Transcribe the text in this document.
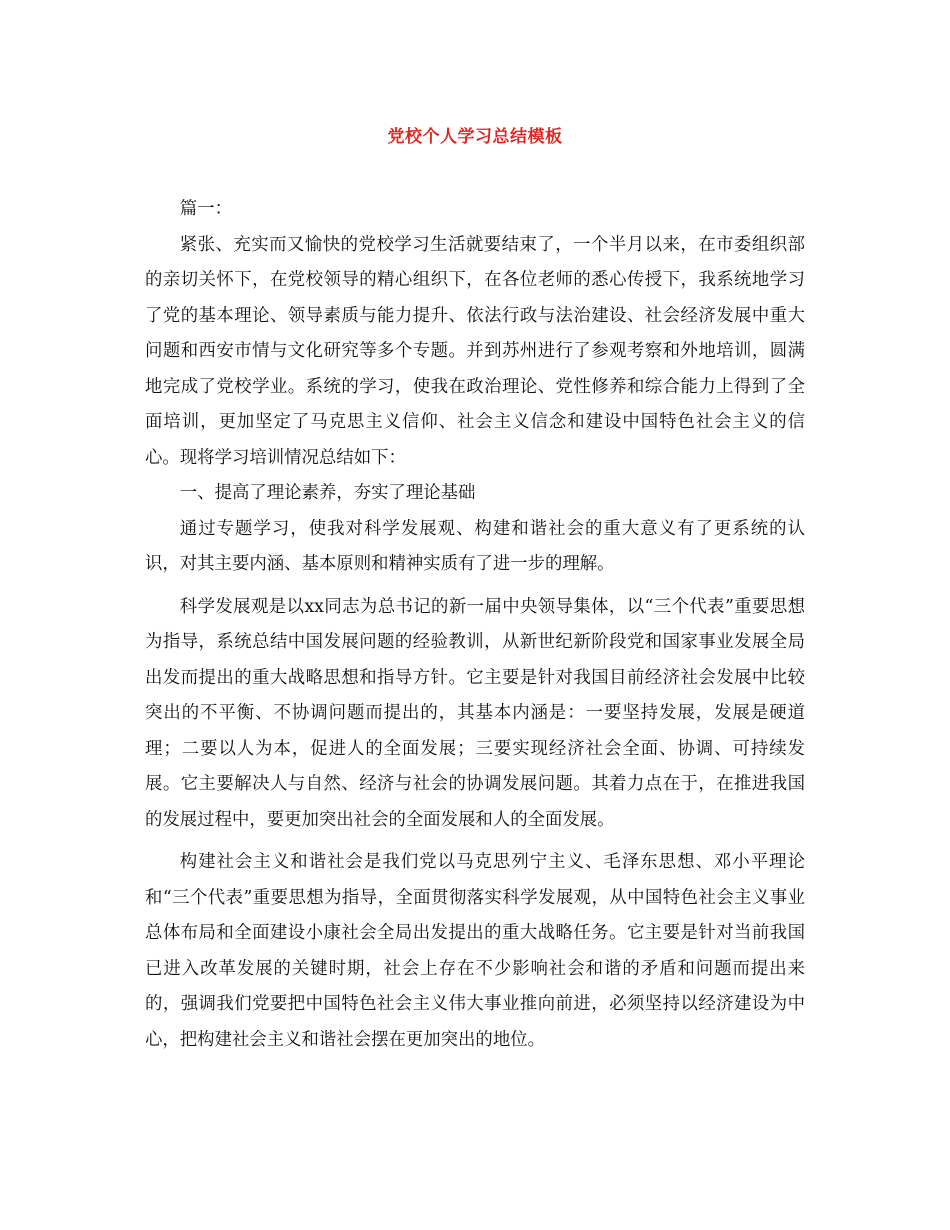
党校个人学习总结模板

篇一：

紧张、充实而又愉快的党校学习生活就要结束了，一个半月以来，在市委组织部的亲切关怀下，在党校领导的精心组织下，在各位老师的悉心传授下，我系统地学习了党的基本理论、领导素质与能力提升、依法行政与法治建设、社会经济发展中重大问题和西安市情与文化研究等多个专题。并到苏州进行了参观考察和外地培训，圆满地完成了党校学业。系统的学习，使我在政治理论、党性修养和综合能力上得到了全面培训，更加坚定了马克思主义信仰、社会主义信念和建设中国特色社会主义的信心。现将学习培训情况总结如下：

一、提高了理论素养，夯实了理论基础

通过专题学习，使我对科学发展观、构建和谐社会的重大意义有了更系统的认识，对其主要内涵、基本原则和精神实质有了进一步的理解。

科学发展观是以xx同志为总书记的新一届中央领导集体，以“三个代表”重要思想为指导，系统总结中国发展问题的经验教训，从新世纪新阶段党和国家事业发展全局出发而提出的重大战略思想和指导方针。它主要是针对我国目前经济社会发展中比较突出的不平衡、不协调问题而提出的，其基本内涵是：一要坚持发展，发展是硬道理；二要以人为本，促进人的全面发展；三要实现经济社会全面、协调、可持续发展。它主要解决人与自然、经济与社会的协调发展问题。其着力点在于，在推进我国的发展过程中，要更加突出社会的全面发展和人的全面发展。

构建社会主义和谐社会是我们党以马克思列宁主义、毛泽东思想、邓小平理论和“三个代表”重要思想为指导，全面贯彻落实科学发展观，从中国特色社会主义事业总体布局和全面建设小康社会全局出发提出的重大战略任务。它主要是针对当前我国已进入改革发展的关键时期，社会上存在不少影响社会和谐的矛盾和问题而提出来的，强调我们党要把中国特色社会主义伟大事业推向前进，必须坚持以经济建设为中心，把构建社会主义和谐社会摆在更加突出的地位。
